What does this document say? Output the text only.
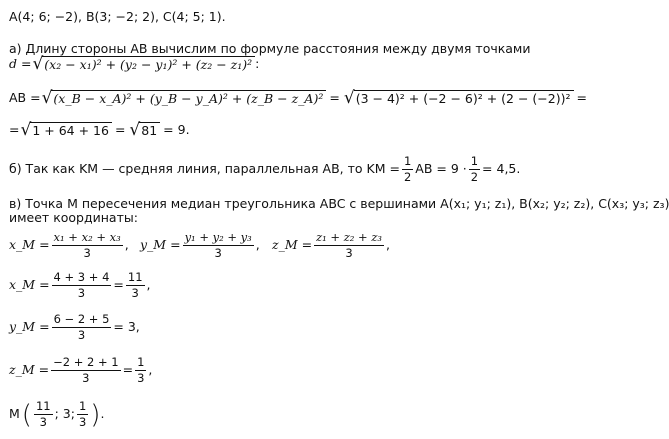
A(4; 6; −2), B(3; −2; 2), C(4; 5; 1).
а) Длину стороны AB вычислим по формуле расстояния между двумя точками
d = √ (x₂ − x₁)² + (y₂ − y₁)² + (z₂ − z₁)² :
AB = √ (x_B − x_A)² + (y_B − y_A)² + (z_B − z_A)² = √ (3 − 4)² + (−2 − 6)² + (2 − (−2))² =
= √ 1 + 64 + 16 = √ 81 = 9.
б) Так как KM — средняя линия, параллельная AB, то KM = $\frac{1}{2}$ AB = $9 \cdot \frac{1}{2} = 4,5$.
в) Точка M пересечения медиан треугольника ABC с вершинами A(x₁; y₁; z₁), B(x₂; y₂; z₂), C(x₃; y₃; z₃)
имеет координаты:
x_M = $\frac{\text{x₁ + x₂ + x₃}}{3}$ , y_M = $\frac{\text{y₁ + y₂ + y₃}}{3}$ , z_M = $\frac{\text{z₁ + z₂ + z₃}}{3}$ ,
x_M = $\frac{4 + 3 + 4}{3} = \frac{11}{3}$ ,
y_M = $\frac{6 - 2 + 5}{3} = 3$,
z_M = $\frac{-2 + 2 + 1}{3} = \frac{1}{3}$ ,
M ( $\frac{11}{3}$ ; 3; $\frac{1}{3}$ ) .
